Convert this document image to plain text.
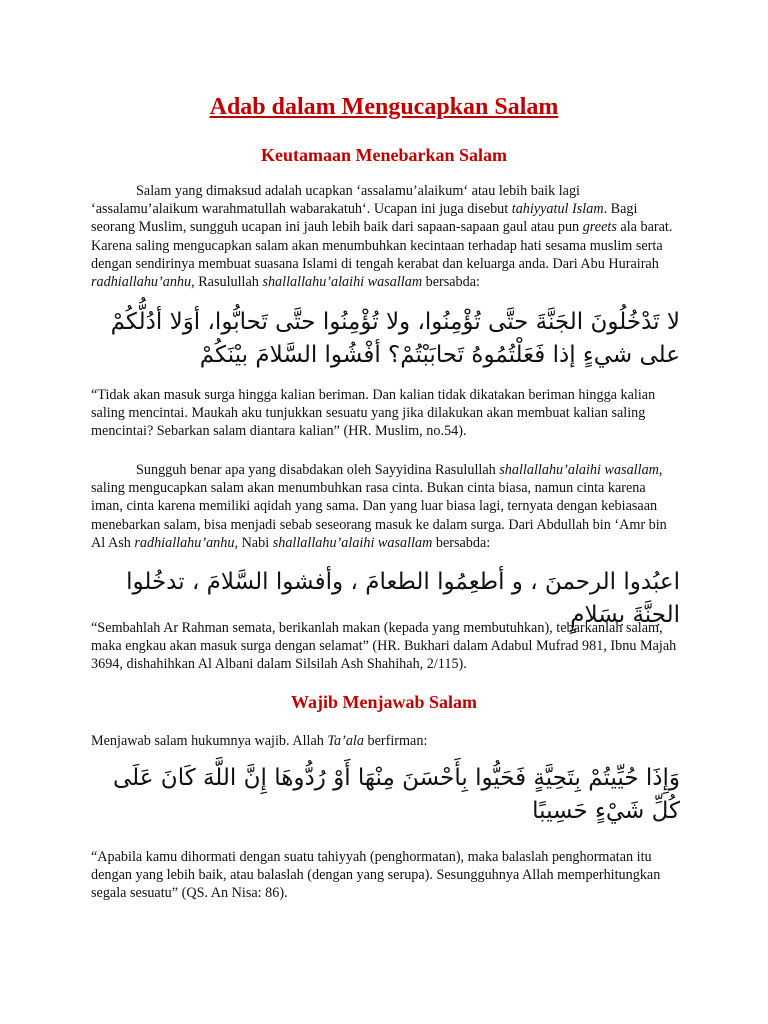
Adab dalam Mengucapkan Salam
Keutamaan Menebarkan Salam

Salam yang dimaksud adalah ucapkan ‘assalamu’alaikum‘ atau lebih baik lagi ‘assalamu’alaikum warahmatullah wabarakatuh‘. Ucapan ini juga disebut tahiyyatul Islam. Bagi seorang Muslim, sungguh ucapan ini jauh lebih baik dari sapaan-sapaan gaul atau pun greets ala barat. Karena saling mengucapkan salam akan menumbuhkan kecintaan terhadap hati sesama muslim serta dengan sendirinya membuat suasana Islami di tengah kerabat dan keluarga anda. Dari Abu Hurairah radhiallahu’anhu, Rasulullah shallallahu’alaihi wasallam bersabda:

لا تَدْخُلُونَ الجَنَّةَ حتَّى تُؤْمِنُوا، ولا تُؤْمِنُوا حتَّى تَحابُّوا، أوَلا أدُلُّكُمْ على شيءٍ إذا فَعَلْتُمُوهُ تَحابَبْتُمْ؟ أفْشُوا السَّلامَ بيْنَكُمْ

“Tidak akan masuk surga hingga kalian beriman. Dan kalian tidak dikatakan beriman hingga kalian saling mencintai. Maukah aku tunjukkan sesuatu yang jika dilakukan akan membuat kalian saling mencintai? Sebarkan salam diantara kalian” (HR. Muslim, no.54).

Sungguh benar apa yang disabdakan oleh Sayyidina Rasulullah shallallahu’alaihi wasallam, saling mengucapkan salam akan menumbuhkan rasa cinta. Bukan cinta biasa, namun cinta karena iman, cinta karena memiliki aqidah yang sama. Dan yang luar biasa lagi, ternyata dengan kebiasaan menebarkan salam, bisa menjadi sebab seseorang masuk ke dalam surga. Dari Abdullah bin ‘Amr bin Al Ash radhiallahu’anhu, Nabi shallallahu’alaihi wasallam bersabda:

اعبُدوا الرحمنَ ، و أطعِمُوا الطعامَ ، وأفشوا السَّلامَ ، تدخُلوا الجنَّةَ بسَلامٍ

“Sembahlah Ar Rahman semata, berikanlah makan (kepada yang membutuhkan), tebarkanlah salam, maka engkau akan masuk surga dengan selamat” (HR. Bukhari dalam Adabul Mufrad 981, Ibnu Majah 3694, dishahihkan Al Albani dalam Silsilah Ash Shahihah, 2/115).

Wajib Menjawab Salam

Menjawab salam hukumnya wajib. Allah Ta’ala berfirman:

وَإِذَا حُيِّيتُمْ بِتَحِيَّةٍ فَحَيُّوا بِأَحْسَنَ مِنْهَا أَوْ رُدُّوهَا إِنَّ اللَّهَ كَانَ عَلَى كُلِّ شَيْءٍ حَسِيبًا

“Apabila kamu dihormati dengan suatu tahiyyah (penghormatan), maka balaslah penghormatan itu dengan yang lebih baik, atau balaslah (dengan yang serupa). Sesungguhnya Allah memperhitungkan segala sesuatu” (QS. An Nisa: 86).
